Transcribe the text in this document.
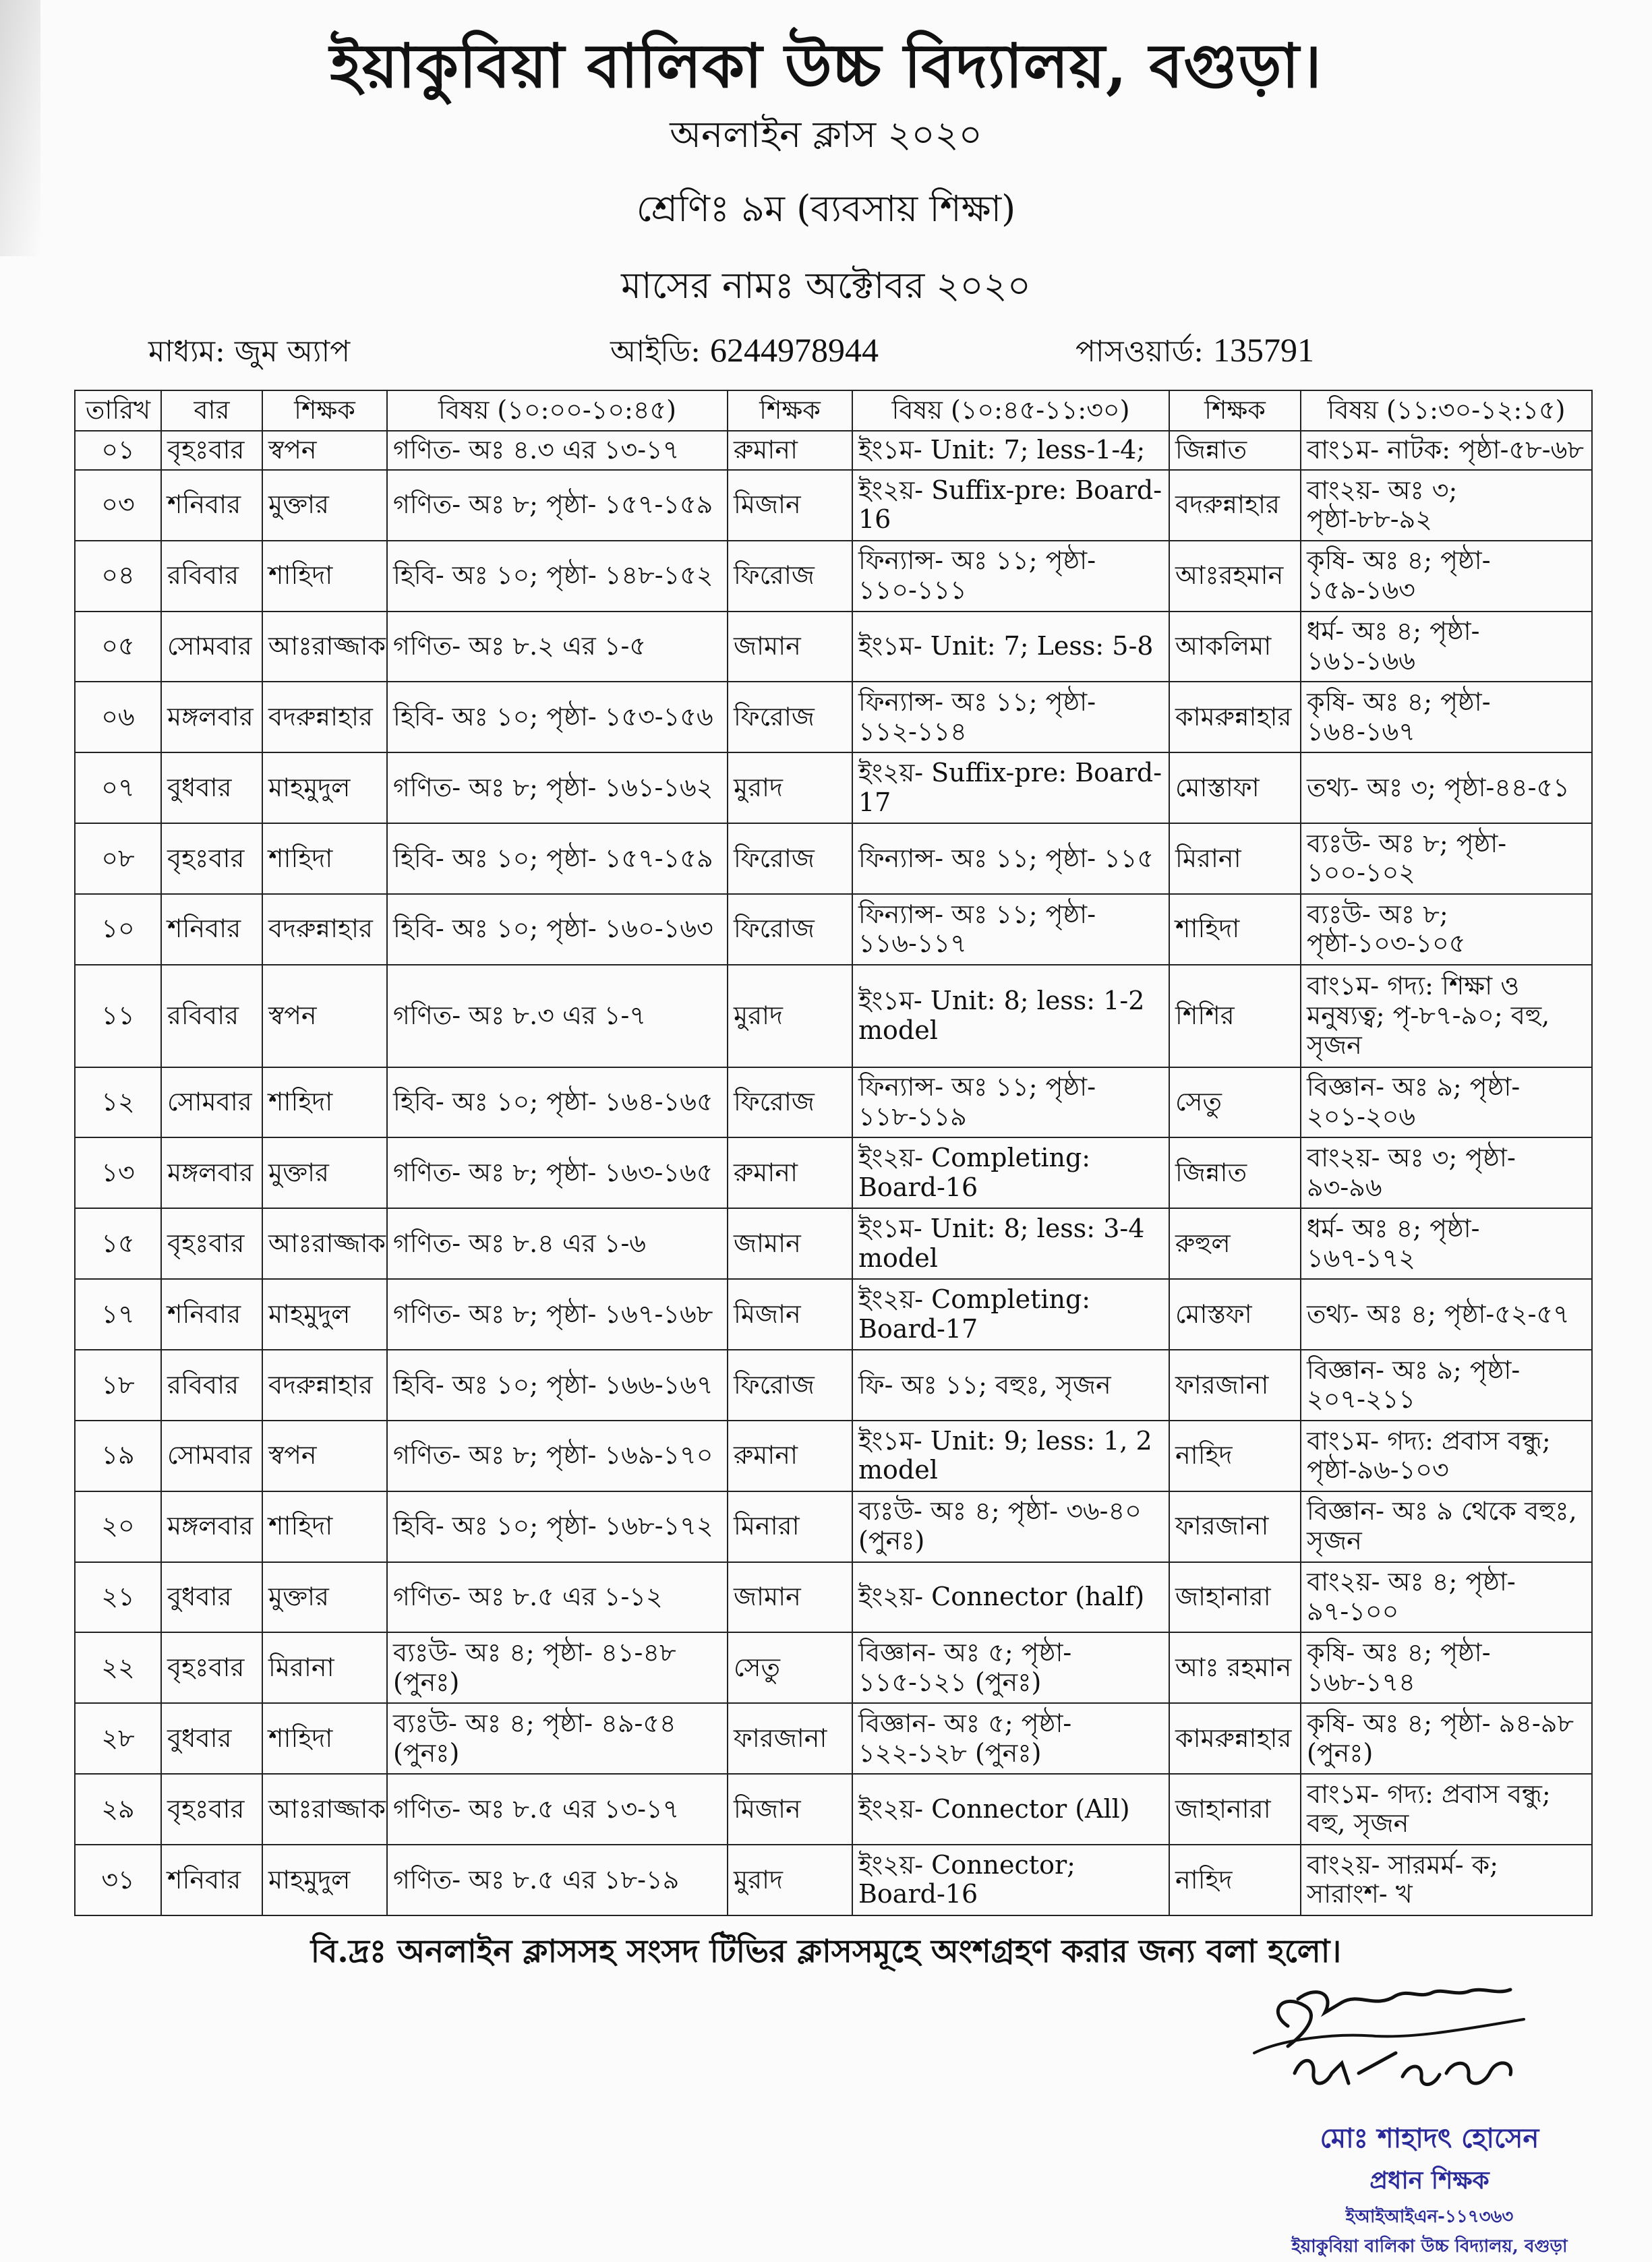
ইয়াকুবিয়া বালিকা উচ্চ বিদ্যালয়, বগুড়া।
অনলাইন ক্লাস ২০২০
শ্রেণিঃ ৯ম (ব্যবসায় শিক্ষা)
মাসের নামঃ অক্টোবর ২০২০
মাধ্যম: জুম অ্যাপ	আইডি: 6244978944	পাসওয়ার্ড: 135791
তারিখ	বার	শিক্ষক	বিষয় (১০:০০-১০:৪৫)	শিক্ষক	বিষয় (১০:৪৫-১১:৩০)	শিক্ষক	বিষয় (১১:৩০-১২:১৫)
০১	বৃহঃবার	স্বপন	গণিত- অঃ ৪.৩ এর ১৩-১৭	রুমানা	ইং১ম- Unit: 7; less-1-4;	জিন্নাত	বাং১ম- নাটক: পৃষ্ঠা-৫৮-৬৮
০৩	শনিবার	মুক্তার	গণিত- অঃ ৮; পৃষ্ঠা- ১৫৭-১৫৯	মিজান	ইং২য়- Suffix-pre: Board-16	বদরুন্নাহার	বাং২য়- অঃ ৩; পৃষ্ঠা-৮৮-৯২
০৪	রবিবার	শাহিদা	হিবি- অঃ ১০; পৃষ্ঠা- ১৪৮-১৫২	ফিরোজ	ফিন্যান্স- অঃ ১১; পৃষ্ঠা- ১১০-১১১	আঃরহমান	কৃষি- অঃ ৪; পৃষ্ঠা- ১৫৯-১৬৩
০৫	সোমবার	আঃরাজ্জাক	গণিত- অঃ ৮.২ এর ১-৫	জামান	ইং১ম- Unit: 7; Less: 5-8	আকলিমা	ধর্ম- অঃ ৪; পৃষ্ঠা- ১৬১-১৬৬
০৬	মঙ্গলবার	বদরুন্নাহার	হিবি- অঃ ১০; পৃষ্ঠা- ১৫৩-১৫৬	ফিরোজ	ফিন্যান্স- অঃ ১১; পৃষ্ঠা- ১১২-১১৪	কামরুন্নাহার	কৃষি- অঃ ৪; পৃষ্ঠা- ১৬৪-১৬৭
০৭	বুধবার	মাহমুদুল	গণিত- অঃ ৮; পৃষ্ঠা- ১৬১-১৬২	মুরাদ	ইং২য়- Suffix-pre: Board-17	মোস্তাফা	তথ্য- অঃ ৩; পৃষ্ঠা-৪৪-৫১
০৮	বৃহঃবার	শাহিদা	হিবি- অঃ ১০; পৃষ্ঠা- ১৫৭-১৫৯	ফিরোজ	ফিন্যান্স- অঃ ১১; পৃষ্ঠা- ১১৫	মিরানা	ব্যঃউ- অঃ ৮; পৃষ্ঠা- ১০০-১০২
১০	শনিবার	বদরুন্নাহার	হিবি- অঃ ১০; পৃষ্ঠা- ১৬০-১৬৩	ফিরোজ	ফিন্যান্স- অঃ ১১; পৃষ্ঠা- ১১৬-১১৭	শাহিদা	ব্যঃউ- অঃ ৮; পৃষ্ঠা-১০৩-১০৫
১১	রবিবার	স্বপন	গণিত- অঃ ৮.৩ এর ১-৭	মুরাদ	ইং১ম- Unit: 8; less: 1-2 model	শিশির	বাং১ম- গদ্য: শিক্ষা ও মনুষ্যত্ব; পৃ-৮৭-৯০; বহু, সৃজন
১২	সোমবার	শাহিদা	হিবি- অঃ ১০; পৃষ্ঠা- ১৬৪-১৬৫	ফিরোজ	ফিন্যান্স- অঃ ১১; পৃষ্ঠা- ১১৮-১১৯	সেতু	বিজ্ঞান- অঃ ৯; পৃষ্ঠা- ২০১-২০৬
১৩	মঙ্গলবার	মুক্তার	গণিত- অঃ ৮; পৃষ্ঠা- ১৬৩-১৬৫	রুমানা	ইং২য়- Completing: Board-16	জিন্নাত	বাং২য়- অঃ ৩; পৃষ্ঠা- ৯৩-৯৬
১৫	বৃহঃবার	আঃরাজ্জাক	গণিত- অঃ ৮.৪ এর ১-৬	জামান	ইং১ম- Unit: 8; less: 3-4 model	রুহুল	ধর্ম- অঃ ৪; পৃষ্ঠা- ১৬৭-১৭২
১৭	শনিবার	মাহমুদুল	গণিত- অঃ ৮; পৃষ্ঠা- ১৬৭-১৬৮	মিজান	ইং২য়- Completing: Board-17	মোস্তফা	তথ্য- অঃ ৪; পৃষ্ঠা-৫২-৫৭
১৮	রবিবার	বদরুন্নাহার	হিবি- অঃ ১০; পৃষ্ঠা- ১৬৬-১৬৭	ফিরোজ	ফি- অঃ ১১; বহুঃ, সৃজন	ফারজানা	বিজ্ঞান- অঃ ৯; পৃষ্ঠা- ২০৭-২১১
১৯	সোমবার	স্বপন	গণিত- অঃ ৮; পৃষ্ঠা- ১৬৯-১৭০	রুমানা	ইং১ম- Unit: 9; less: 1, 2 model	নাহিদ	বাং১ম- গদ্য: প্রবাস বন্ধু; পৃষ্ঠা-৯৬-১০৩
২০	মঙ্গলবার	শাহিদা	হিবি- অঃ ১০; পৃষ্ঠা- ১৬৮-১৭২	মিনারা	ব্যঃউ- অঃ ৪; পৃষ্ঠা- ৩৬-৪০ (পুনঃ)	ফারজানা	বিজ্ঞান- অঃ ৯ থেকে বহুঃ, সৃজন
২১	বুধবার	মুক্তার	গণিত- অঃ ৮.৫ এর ১-১২	জামান	ইং২য়- Connector (half)	জাহানারা	বাং২য়- অঃ ৪; পৃষ্ঠা- ৯৭-১০০
২২	বৃহঃবার	মিরানা	ব্যঃউ- অঃ ৪; পৃষ্ঠা- ৪১-৪৮ (পুনঃ)	সেতু	বিজ্ঞান- অঃ ৫; পৃষ্ঠা- ১১৫-১২১ (পুনঃ)	আঃ রহমান	কৃষি- অঃ ৪; পৃষ্ঠা- ১৬৮-১৭৪
২৮	বুধবার	শাহিদা	ব্যঃউ- অঃ ৪; পৃষ্ঠা- ৪৯-৫৪ (পুনঃ)	ফারজানা	বিজ্ঞান- অঃ ৫; পৃষ্ঠা- ১২২-১২৮ (পুনঃ)	কামরুন্নাহার	কৃষি- অঃ ৪; পৃষ্ঠা- ৯৪-৯৮ (পুনঃ)
২৯	বৃহঃবার	আঃরাজ্জাক	গণিত- অঃ ৮.৫ এর ১৩-১৭	মিজান	ইং২য়- Connector (All)	জাহানারা	বাং১ম- গদ্য: প্রবাস বন্ধু; বহু, সৃজন
৩১	শনিবার	মাহমুদুল	গণিত- অঃ ৮.৫ এর ১৮-১৯	মুরাদ	ইং২য়- Connector; Board-16	নাহিদ	বাং২য়- সারমর্ম- ক; সারাংশ- খ
বি.দ্রঃ অনলাইন ক্লাসসহ সংসদ টিভির ক্লাসসমূহে অংশগ্রহণ করার জন্য বলা হলো।
মোঃ শাহাদৎ হোসেন
প্রধান শিক্ষক
ইআইআইএন-১১৭৩৬৩
ইয়াকুবিয়া বালিকা উচ্চ বিদ্যালয়, বগুড়া
